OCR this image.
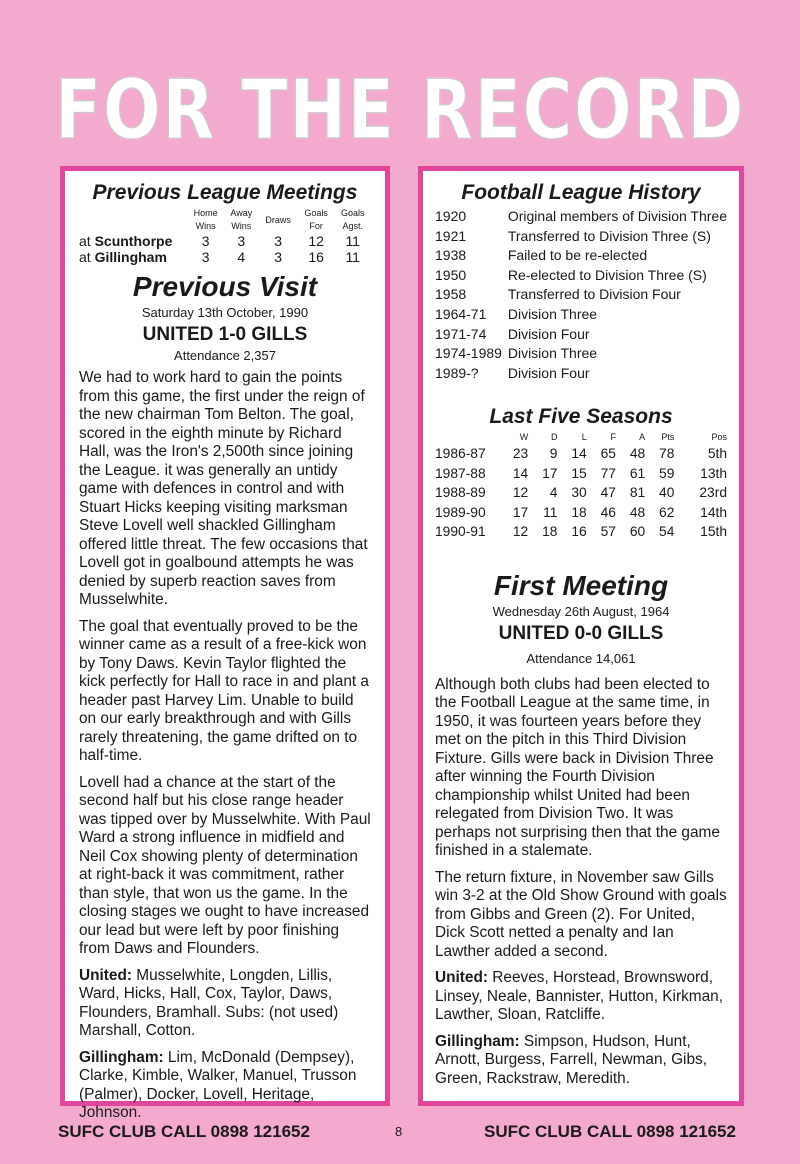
FOR THE RECORD
FOR THE RECORD
Previous League Meetings
	Home	Away	Draws	Goals	Goals
	Wins	Wins		For	Agst.
at Scunthorpe	3	3	3	12	11
at Gillingham	3	4	3	16	11
Previous Visit
Saturday 13th October, 1990
UNITED 1-0 GILLS
Attendance 2,357

We had to work hard to gain the points from this game, the first under the reign of the new chairman Tom Belton. The goal, scored in the eighth minute by Richard Hall, was the Iron's 2,500th since joining the League. it was generally an untidy game with defences in control and with Stuart Hicks keeping visiting marksman Steve Lovell well shackled Gillingham offered little threat. The few occasions that Lovell got in goalbound attempts he was denied by superb reaction saves from Musselwhite.

The goal that eventually proved to be the winner came as a result of a free-kick won by Tony Daws. Kevin Taylor flighted the kick perfectly for Hall to race in and plant a header past Harvey Lim. Unable to build on our early breakthrough and with Gills rarely threatening, the game drifted on to half-time.

Lovell had a chance at the start of the second half but his close range header was tipped over by Musselwhite. With Paul Ward a strong influence in midfield and Neil Cox showing plenty of determination at right-back it was commitment, rather than style, that won us the game. In the closing stages we ought to have increased our lead but were left by poor finishing from Daws and Flounders.

United: Musselwhite, Longden, Lillis, Ward, Hicks, Hall, Cox, Taylor, Daws, Flounders, Bramhall. Subs: (not used) Marshall, Cotton.

Gillingham: Lim, McDonald (Dempsey), Clarke, Kimble, Walker, Manuel, Trusson (Palmer), Docker, Lovell, Heritage, Johnson.

Football League History
1920	Original members of Division Three
1921	Transferred to Division Three (S)
1938	Failed to be re-elected
1950	Re-elected to Division Three (S)
1958	Transferred to Division Four
1964-71	Division Three
1971-74	Division Four
1974-1989	Division Three
1989-?	Division Four
Last Five Seasons
	W	D	L	F	A	Pts	Pos
1986-87	23	9	14	65	48	78	5th
1987-88	14	17	15	77	61	59	13th
1988-89	12	4	30	47	81	40	23rd
1989-90	17	11	18	46	48	62	14th
1990-91	12	18	16	57	60	54	15th
First Meeting
Wednesday 26th August, 1964
UNITED 0-0 GILLS
Attendance 14,061

Although both clubs had been elected to the Football League at the same time, in 1950, it was fourteen years before they met on the pitch in this Third Division Fixture. Gills were back in Division Three after winning the Fourth Division championship whilst United had been relegated from Division Two. It was perhaps not surprising then that the game finished in a stalemate.

The return fixture, in November saw Gills win 3-2 at the Old Show Ground with goals from Gibbs and Green (2). For United, Dick Scott netted a penalty and Ian Lawther added a second.

United: Reeves, Horstead, Brownsword, Linsey, Neale, Bannister, Hutton, Kirkman, Lawther, Sloan, Ratcliffe.

Gillingham: Simpson, Hudson, Hunt, Arnott, Burgess, Farrell, Newman, Gibs, Green, Rackstraw, Meredith.

SUFC CLUB CALL 0898 121652	8	SUFC CLUB CALL 0898 121652
